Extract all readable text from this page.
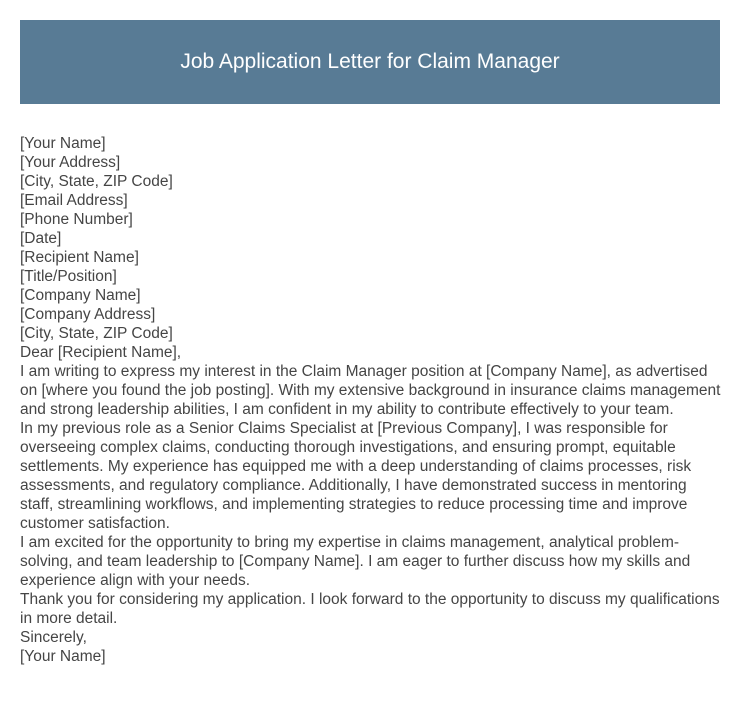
Job Application Letter for Claim Manager
[Your Name]
[Your Address]
[City, State, ZIP Code]
[Email Address]
[Phone Number]
[Date]
[Recipient Name]
[Title/Position]
[Company Name]
[Company Address]
[City, State, ZIP Code]
Dear [Recipient Name],

I am writing to express my interest in the Claim Manager position at [Company Name], as advertised on [where you found the job posting]. With my extensive background in insurance claims management and strong leadership abilities, I am confident in my ability to contribute effectively to your team.

In my previous role as a Senior Claims Specialist at [Previous Company], I was responsible for overseeing complex claims, conducting thorough investigations, and ensuring prompt, equitable settlements. My experience has equipped me with a deep understanding of claims processes, risk assessments, and regulatory compliance. Additionally, I have demonstrated success in mentoring staff, streamlining workflows, and implementing strategies to reduce processing time and improve customer satisfaction.

I am excited for the opportunity to bring my expertise in claims management, analytical problem-solving, and team leadership to [Company Name]. I am eager to further discuss how my skills and experience align with your needs.

Thank you for considering my application. I look forward to the opportunity to discuss my qualifications in more detail.

Sincerely,
[Your Name]
